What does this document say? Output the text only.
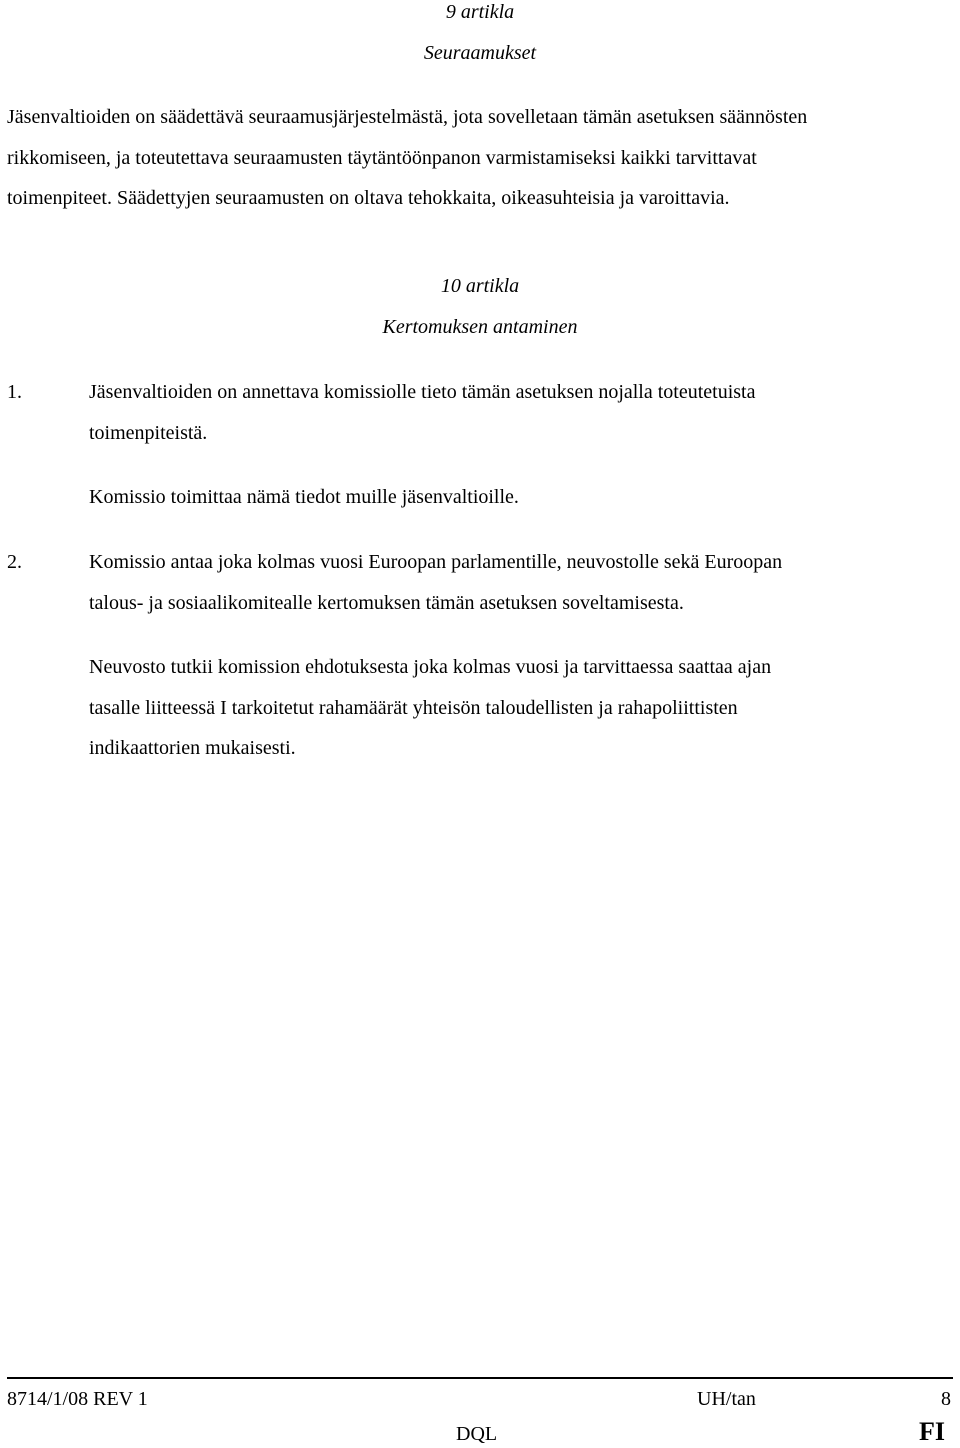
9 artikla
Seuraamukset
Jäsenvaltioiden on säädettävä seuraamusjärjestelmästä, jota sovelletaan tämän asetuksen säännösten
rikkomiseen, ja toteutettava seuraamusten täytäntöönpanon varmistamiseksi kaikki tarvittavat
toimenpiteet. Säädettyjen seuraamusten on oltava tehokkaita, oikeasuhteisia ja varoittavia.
10 artikla
Kertomuksen antaminen
1.	Jäsenvaltioiden on annettava komissiolle tieto tämän asetuksen nojalla toteutetuista
toimenpiteistä.
Komissio toimittaa nämä tiedot muille jäsenvaltioille.
2.	Komissio antaa joka kolmas vuosi Euroopan parlamentille, neuvostolle sekä Euroopan
talous- ja sosiaalikomitealle kertomuksen tämän asetuksen soveltamisesta.
Neuvosto tutkii komission ehdotuksesta joka kolmas vuosi ja tarvittaessa saattaa ajan
tasalle liitteessä I tarkoitetut rahamäärät yhteisön taloudellisten ja rahapoliittisten
indikaattorien mukaisesti.
8714/1/08 REV 1	UH/tan	8
DQL	FI
